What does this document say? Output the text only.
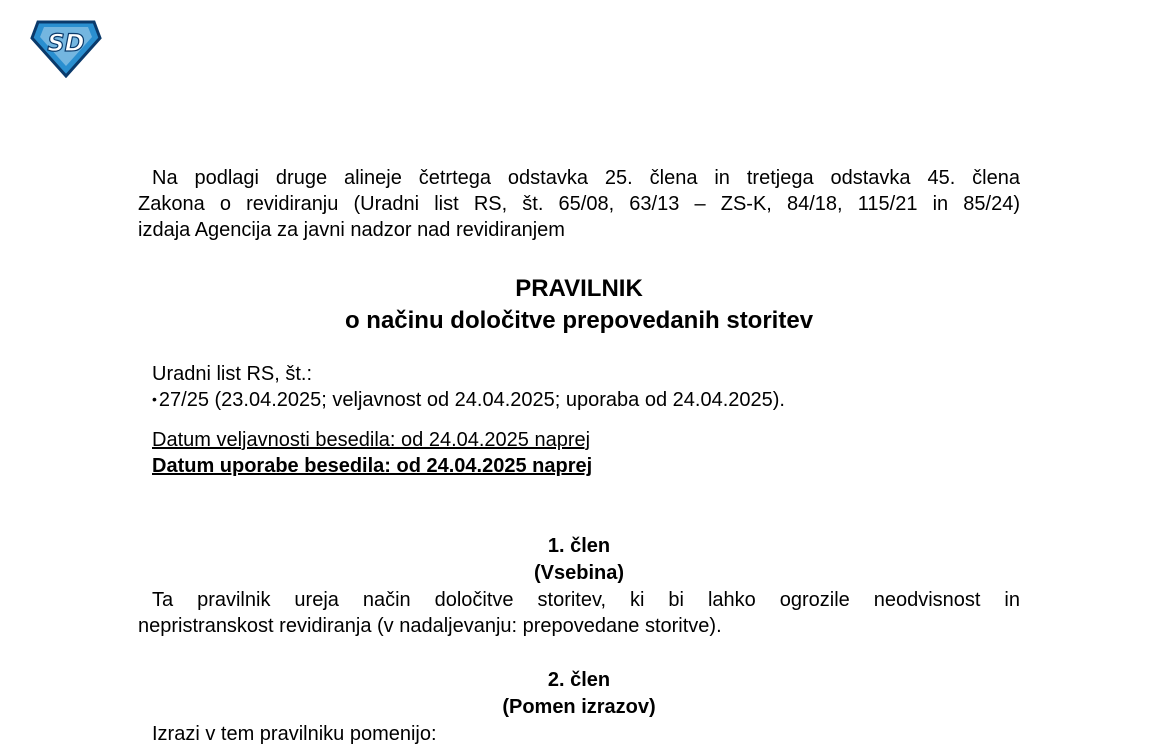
SD
Na podlagi druge alineje četrtega odstavka 25. člena in tretjega odstavka 45. člena
Zakona o revidiranju (Uradni list RS, št. 65/08, 63/13 – ZS-K, 84/18, 115/21 in 85/24)
izdaja Agencija za javni nadzor nad revidiranjem
PRAVILNIK
o načinu določitve prepovedanih storitev
Uradni list RS, št.:
• 27/25 (23.04.2025; veljavnost od 24.04.2025; uporaba od 24.04.2025).
Datum veljavnosti besedila: od 24.04.2025 naprej
Datum uporabe besedila: od 24.04.2025 naprej
1. člen
(Vsebina)
Ta pravilnik ureja način določitve storitev, ki bi lahko ogrozile neodvisnost in
nepristranskost revidiranja (v nadaljevanju: prepovedane storitve).
2. člen
(Pomen izrazov)
Izrazi v tem pravilniku pomenijo:
